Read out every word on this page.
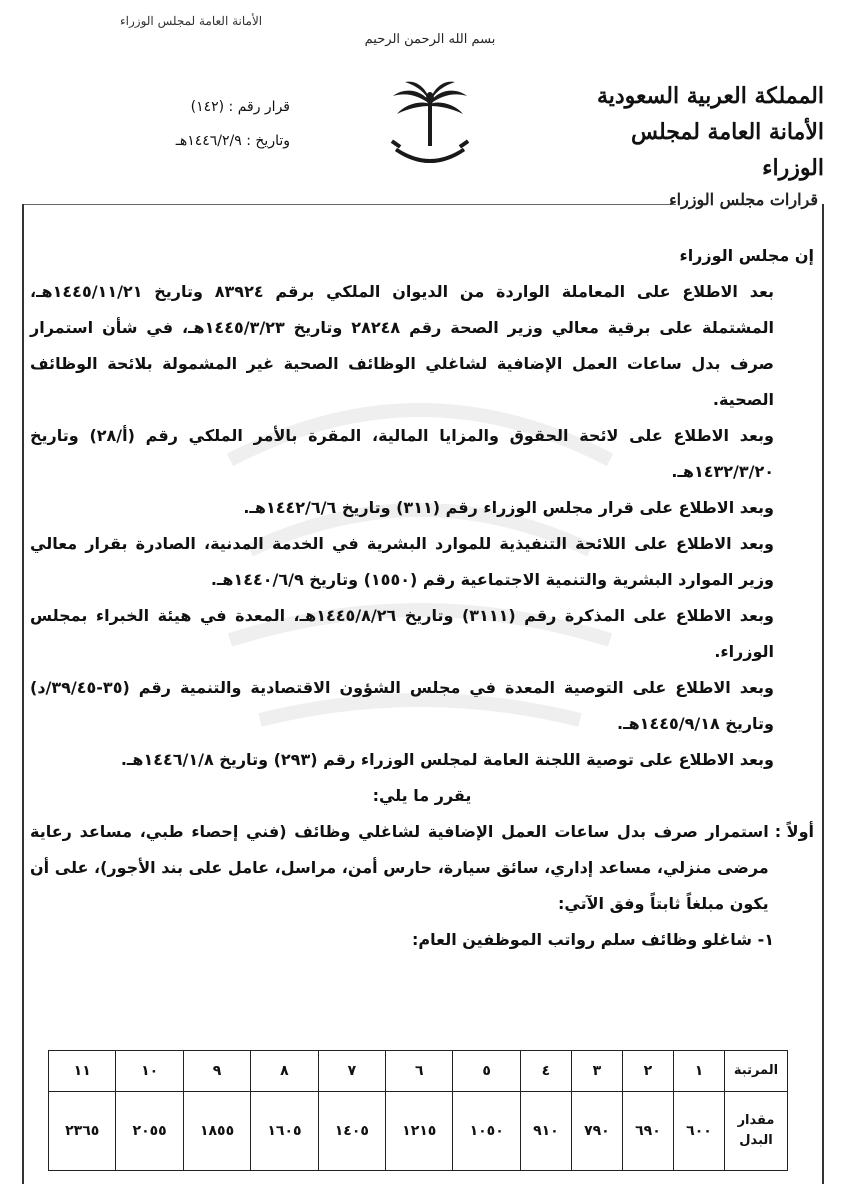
الأمانة العامة لمجلس الوزراء
بسم الله الرحمن الرحيم
قرار رقم : (١٤٢)
وتاريخ : ١٤٤٦/٢/٩هـ
المملكة العربية السعودية
الأمانة العامة لمجلس الوزراء
قرارات مجلس الوزراء

إن مجلس الوزراء

بعد الاطلاع على المعاملة الواردة من الديوان الملكي برقم ٨٣٩٢٤ وتاريخ ١٤٤٥/١١/٢١هـ، المشتملة على برقية معالي وزير الصحة رقم ٢٨٢٤٨ وتاريخ ١٤٤٥/٣/٢٣هـ، في شأن استمرار صرف بدل ساعات العمل الإضافية لشاغلي الوظائف الصحية غير المشمولة بلائحة الوظائف الصحية.

وبعد الاطلاع على لائحة الحقوق والمزايا المالية، المقرة بالأمر الملكي رقم (أ/٢٨) وتاريخ ١٤٣٢/٣/٢٠هـ.

وبعد الاطلاع على قرار مجلس الوزراء رقم (٣١١) وتاريخ ١٤٤٢/٦/٦هـ.

وبعد الاطلاع على اللائحة التنفيذية للموارد البشرية في الخدمة المدنية، الصادرة بقرار معالي وزير الموارد البشرية والتنمية الاجتماعية رقم (١٥٥٠) وتاريخ ١٤٤٠/٦/٩هـ.

وبعد الاطلاع على المذكرة رقم (٣١١١) وتاريخ ١٤٤٥/٨/٢٦هـ، المعدة في هيئة الخبراء بمجلس الوزراء.

وبعد الاطلاع على التوصية المعدة في مجلس الشؤون الاقتصادية والتنمية رقم (٣٥-٣٩/٤٥/د) وتاريخ ١٤٤٥/٩/١٨هـ.

وبعد الاطلاع على توصية اللجنة العامة لمجلس الوزراء رقم (٢٩٣) وتاريخ ١٤٤٦/١/٨هـ.

يقرر ما يلي:

أولاً :
استمرار صرف بدل ساعات العمل الإضافية لشاغلي وظائف (فني إحصاء طبي، مساعد رعاية مرضى منزلي، مساعد إداري، سائق سيارة، حارس أمن، مراسل، عامل على بند الأجور)، على أن يكون مبلغاً ثابتاً وفق الآتي:

١- شاغلو وظائف سلم رواتب الموظفين العام:

المرتبة	١	٢	٣	٤	٥	٦	٧	٨	٩	١٠	١١
مقدار البدل	٦٠٠	٦٩٠	٧٩٠	٩١٠	١٠٥٠	١٢١٥	١٤٠٥	١٦٠٥	١٨٥٥	٢٠٥٥	٢٣٦٥
